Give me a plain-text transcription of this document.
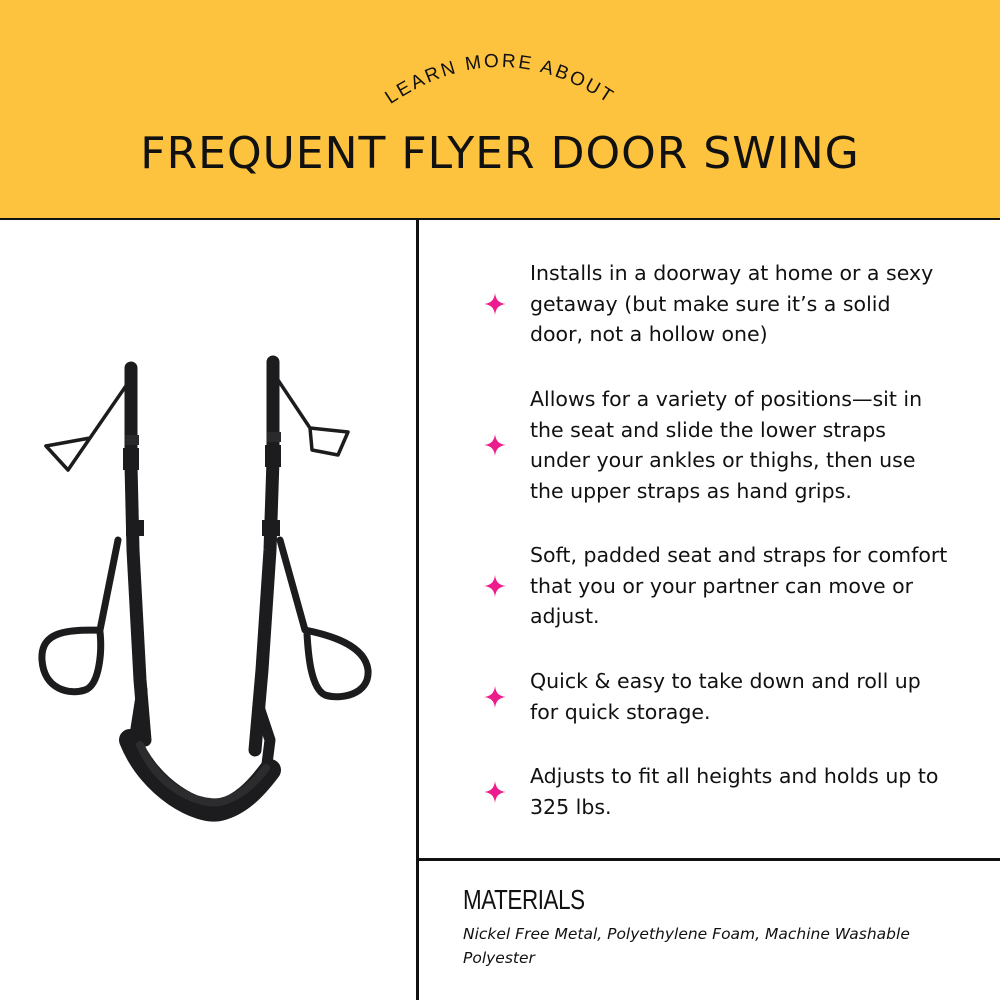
LEARN MORE ABOUT
FREQUENT FLYER DOOR SWING
Installs in a doorway at home or a sexy getaway (but make sure it’s a solid door, not a hollow one)
Allows for a variety of positions—sit in the seat and slide the lower straps under your ankles or thighs, then use the upper straps as hand grips.
Soft, padded seat and straps for comfort that you or your partner can move or adjust.
Quick & easy to take down and roll up for quick storage.
Adjusts to fit all heights and holds up to 325 lbs.
MATERIALS
Nickel Free Metal, Polyethylene Foam, Machine Washable Polyester
